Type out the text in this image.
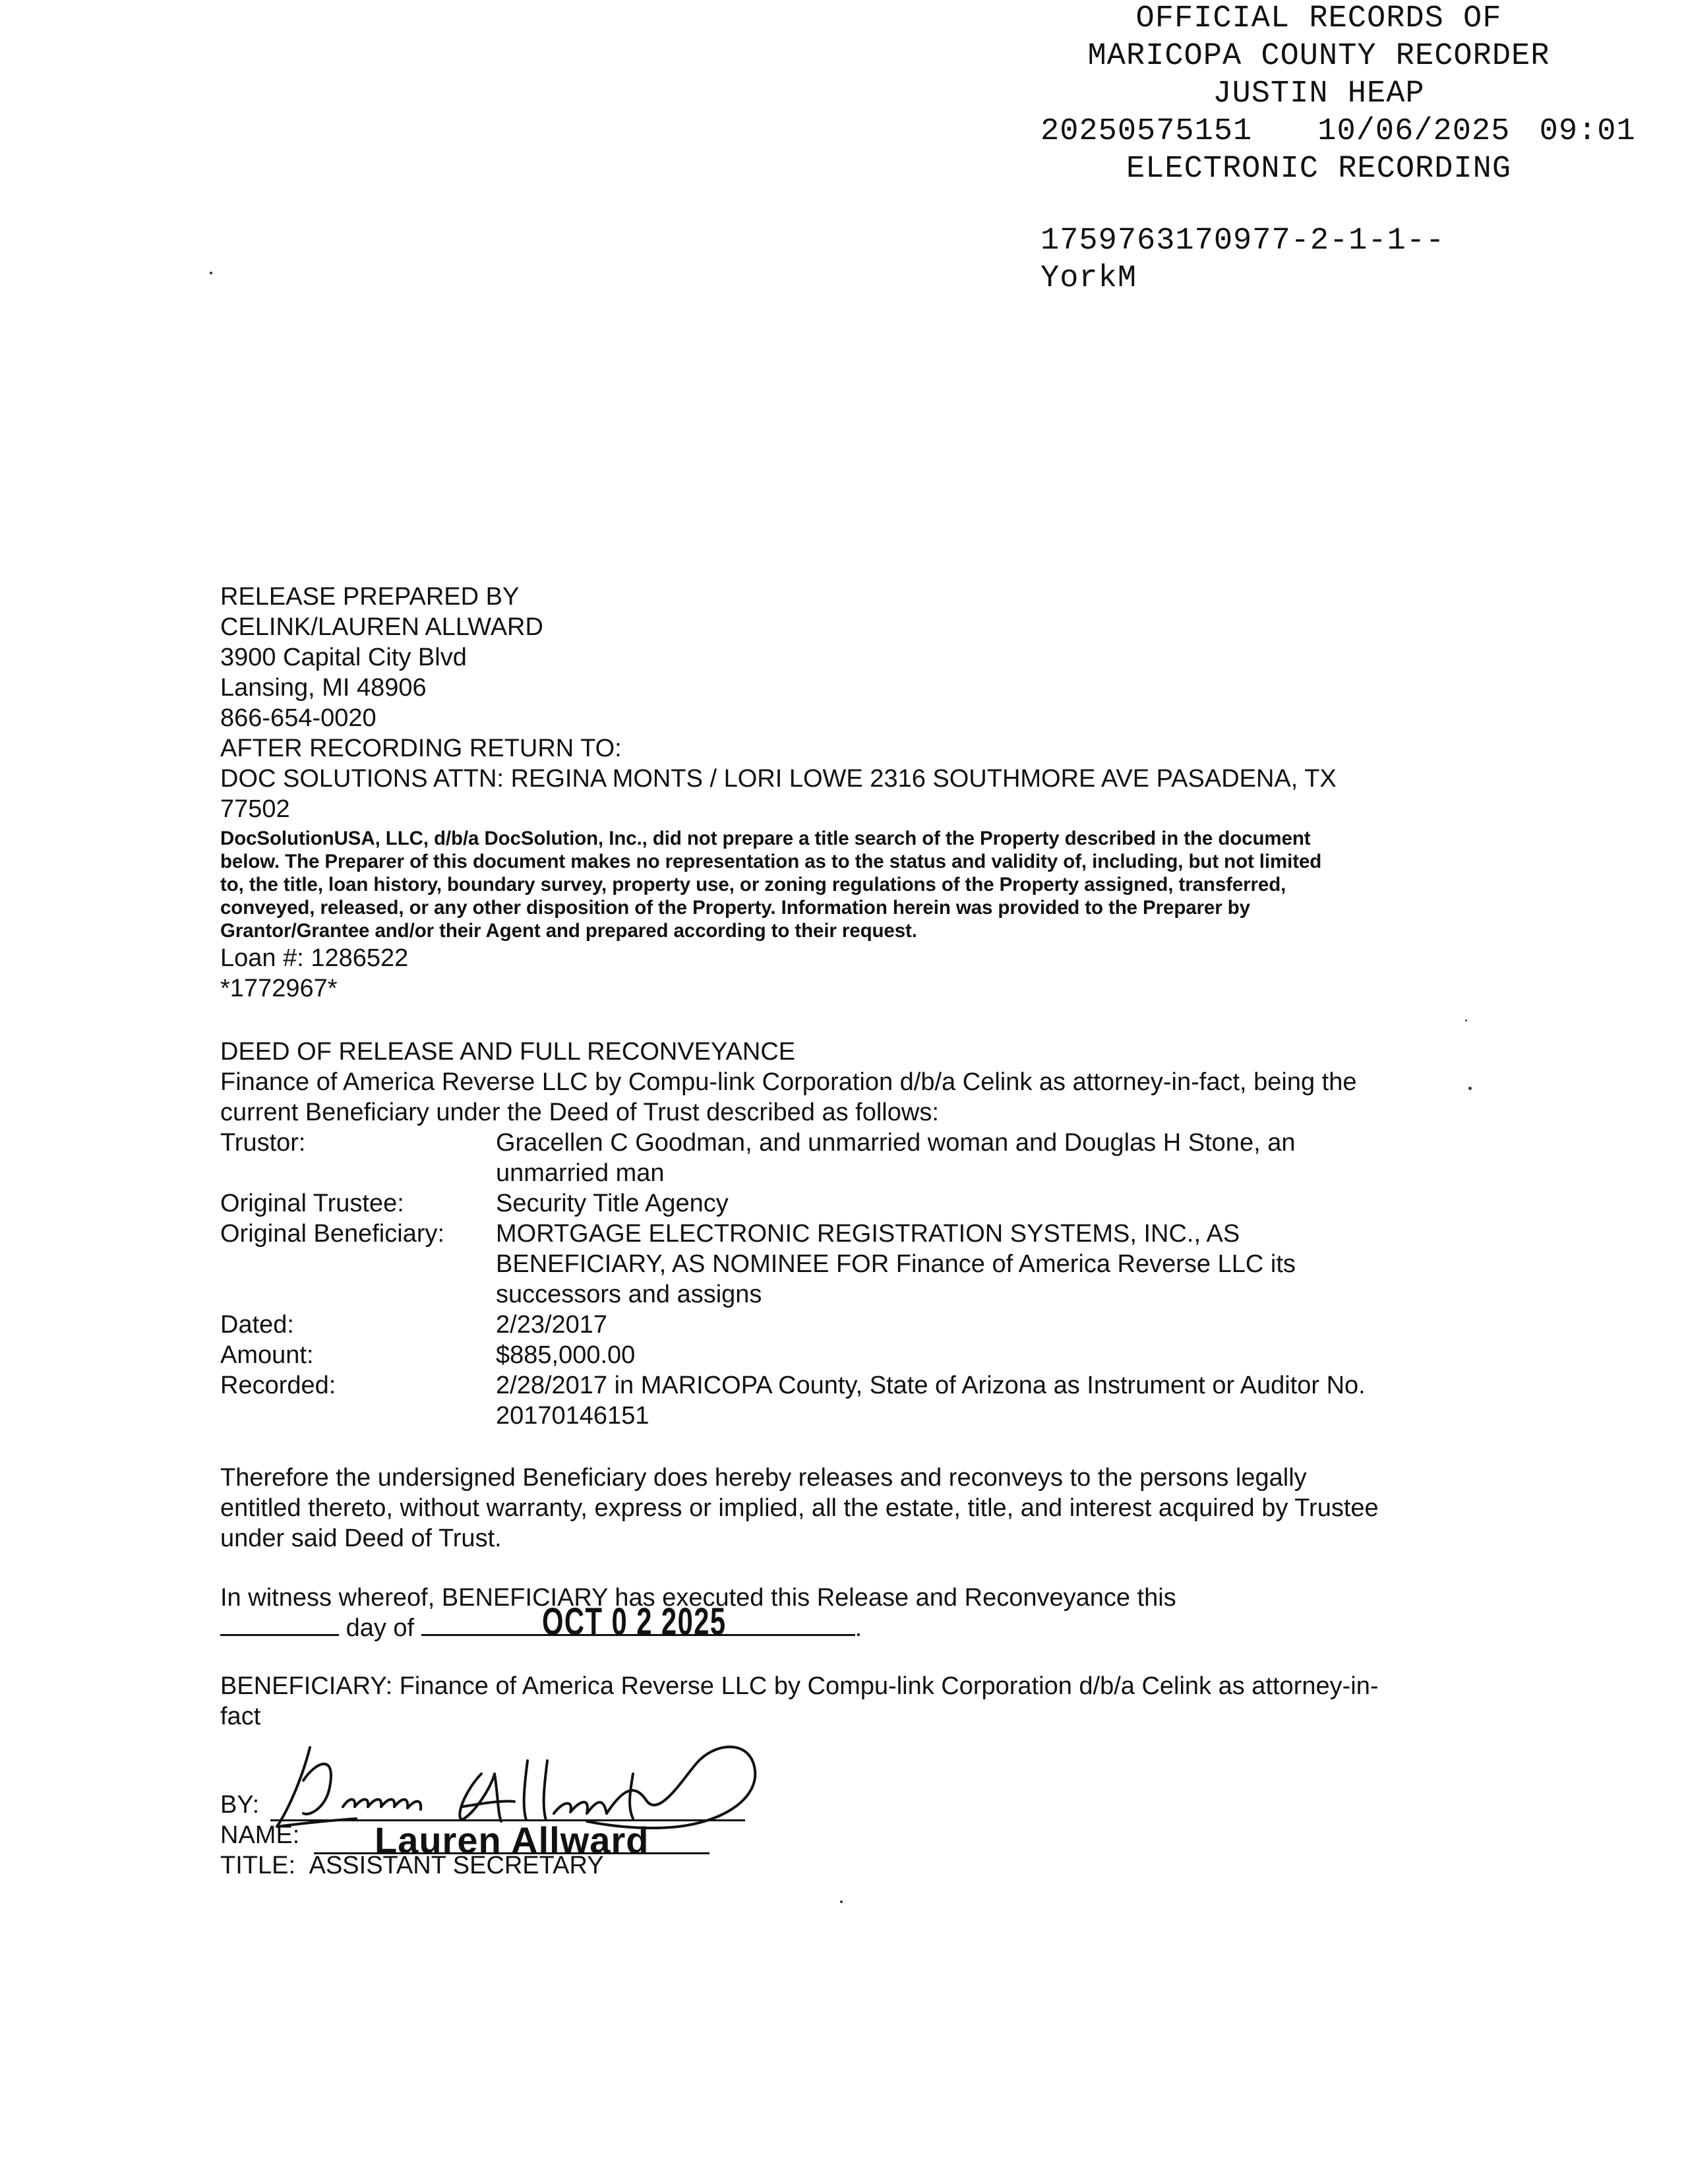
OFFICIAL RECORDS OF
MARICOPA COUNTY RECORDER
JUSTIN HEAP
20250575151	10/06/2025 09:01
ELECTRONIC RECORDING
1759763170977-2-1-1--
YorkM
RELEASE PREPARED BY
CELINK/LAUREN ALLWARD
3900 Capital City Blvd
Lansing, MI 48906
866-654-0020
AFTER RECORDING RETURN TO:
DOC SOLUTIONS ATTN: REGINA MONTS / LORI LOWE 2316 SOUTHMORE AVE PASADENA, TX
77502
DocSolutionUSA, LLC, d/b/a DocSolution, Inc., did not prepare a title search of the Property described in the document
below. The Preparer of this document makes no representation as to the status and validity of, including, but not limited
to, the title, loan history, boundary survey, property use, or zoning regulations of the Property assigned, transferred,
conveyed, released, or any other disposition of the Property. Information herein was provided to the Preparer by
Grantor/Grantee and/or their Agent and prepared according to their request.
Loan #: 1286522
*1772967*
DEED OF RELEASE AND FULL RECONVEYANCE
Finance of America Reverse LLC by Compu-link Corporation d/b/a Celink as attorney-in-fact, being the
current Beneficiary under the Deed of Trust described as follows:
Trustor:	Gracellen C Goodman, and unmarried woman and Douglas H Stone, an
unmarried man
Original Trustee:	Security Title Agency
Original Beneficiary:	MORTGAGE ELECTRONIC REGISTRATION SYSTEMS, INC., AS
BENEFICIARY, AS NOMINEE FOR Finance of America Reverse LLC its
successors and assigns
Dated:	2/23/2017
Amount:	$885,000.00
Recorded:	2/28/2017 in MARICOPA County, State of Arizona as Instrument or Auditor No.
20170146151
Therefore the undersigned Beneficiary does hereby releases and reconveys to the persons legally
entitled thereto, without warranty, express or implied, all the estate, title, and interest acquired by Trustee
under said Deed of Trust.
In witness whereof, BENEFICIARY has executed this Release and Reconveyance this
day of	.
OCT 0 2 2025
BENEFICIARY: Finance of America Reverse LLC by Compu-link Corporation d/b/a Celink as attorney-in-
fact
BY:
NAME:
TITLE: ASSISTANT SECRETARY
Lauren Allward
